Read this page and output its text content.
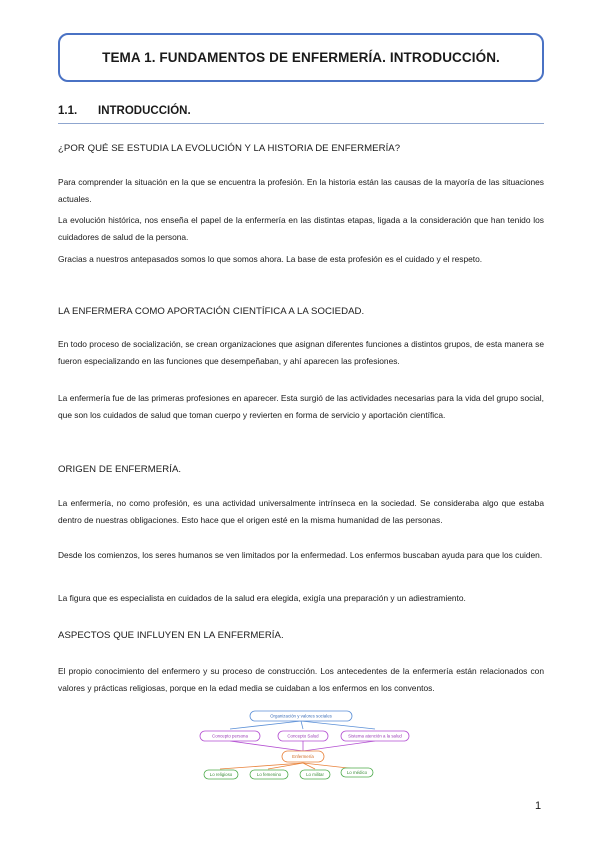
TEMA 1. FUNDAMENTOS DE ENFERMERÍA. INTRODUCCIÓN.
1.1. INTRODUCCIÓN.
¿POR QUÉ SE ESTUDIA LA EVOLUCIÓN Y LA HISTORIA DE ENFERMERÍA?
Para comprender la situación en la que se encuentra la profesión. En la historia están las causas de la mayoría de las situaciones actuales.
La evolución histórica, nos enseña el papel de la enfermería en las distintas etapas, ligada a la consideración que han tenido los cuidadores de salud de la persona.
Gracias a nuestros antepasados somos lo que somos ahora. La base de esta profesión es el cuidado y el respeto.
LA ENFERMERA COMO APORTACIÓN CIENTÍFICA A LA SOCIEDAD.
En todo proceso de socialización, se crean organizaciones que asignan diferentes funciones a distintos grupos, de esta manera se fueron especializando en las funciones que desempeñaban, y ahí aparecen las profesiones.
La enfermería fue de las primeras profesiones en aparecer. Esta surgió de las actividades necesarias para la vida del grupo social, que son los cuidados de salud que toman cuerpo y revierten en forma de servicio y aportación científica.
ORIGEN DE ENFERMERÍA.
La enfermería, no como profesión, es una actividad universalmente intrínseca en la sociedad. Se consideraba algo que estaba dentro de nuestras obligaciones. Esto hace que el origen esté en la misma humanidad de las personas.
Desde los comienzos, los seres humanos se ven limitados por la enfermedad. Los enfermos buscaban ayuda para que los cuiden.
La figura que es especialista en cuidados de la salud era elegida, exigía una preparación y un adiestramiento.
ASPECTOS QUE INFLUYEN EN LA ENFERMERÍA.
El propio conocimiento del enfermero y su proceso de construcción. Los antecedentes de la enfermería están relacionados con valores y prácticas religiosas, porque en la edad media se cuidaban a los enfermos en los conventos.
Organización y valores sociales
Concepto persona	Concepto Salud	Sistema atención a la salud
Enfermería
Lo religioso	Lo femenino	Lo militar	Lo médico
1
